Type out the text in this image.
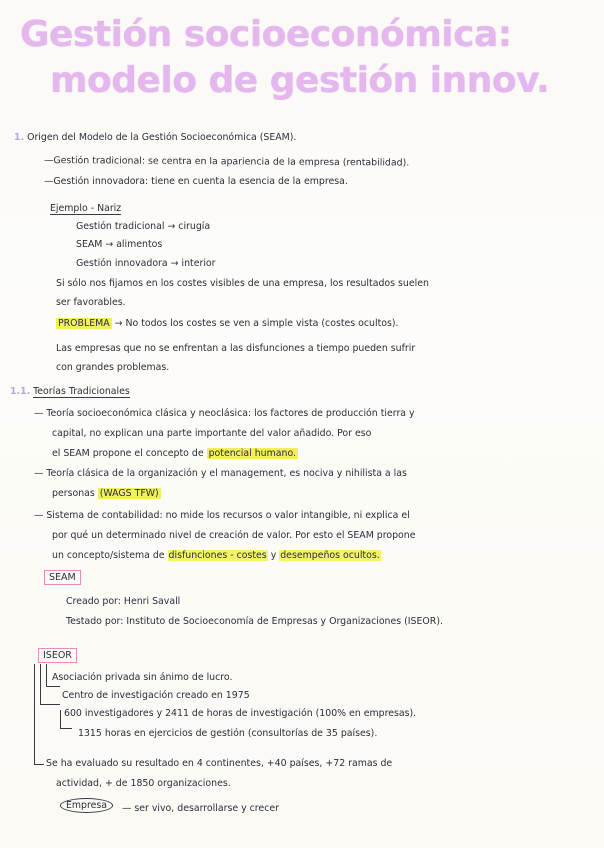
Gestión socioeconómica:
modelo de gestión innov.
1. Origen del Modelo de la Gestión Socioeconómica (SEAM).
—Gestión tradicional: se centra en la apariencia de la empresa (rentabilidad).
—Gestión innovadora: tiene en cuenta la esencia de la empresa.
Ejemplo - Nariz
Gestión tradicional → cirugía
SEAM → alimentos
Gestión innovadora → interior
Si sólo nos fijamos en los costes visibles de una empresa, los resultados suelen
ser favorables.
PROBLEMA → No todos los costes se ven a simple vista (costes ocultos).
Las empresas que no se enfrentan a las disfunciones a tiempo pueden sufrir
con grandes problemas.
1.1. Teorías Tradicionales
— Teoría socioeconómica clásica y neoclásica: los factores de producción tierra y
capital, no explican una parte importante del valor añadido. Por eso
el SEAM propone el concepto de potencial humano.
— Teoría clásica de la organización y el management, es nociva y nihilista a las
personas (WAGS TFW)
— Sistema de contabilidad: no mide los recursos o valor intangible, ni explica el
por qué un determinado nivel de creación de valor. Por esto el SEAM propone
un concepto/sistema de disfunciones - costes y desempeños ocultos.
SEAM
Creado por: Henri Savall
Testado por: Instituto de Socioeconomía de Empresas y Organizaciones (ISEOR).
ISEOR
Asociación privada sin ánimo de lucro.
Centro de investigación creado en 1975
600 investigadores y 2411 de horas de investigación (100% en empresas).
1315 horas en ejercicios de gestión (consultorías de 35 países).
Se ha evaluado su resultado en 4 continentes, +40 países, +72 ramas de
actividad, + de 1850 organizaciones.
Empresa	— ser vivo, desarrollarse y crecer
